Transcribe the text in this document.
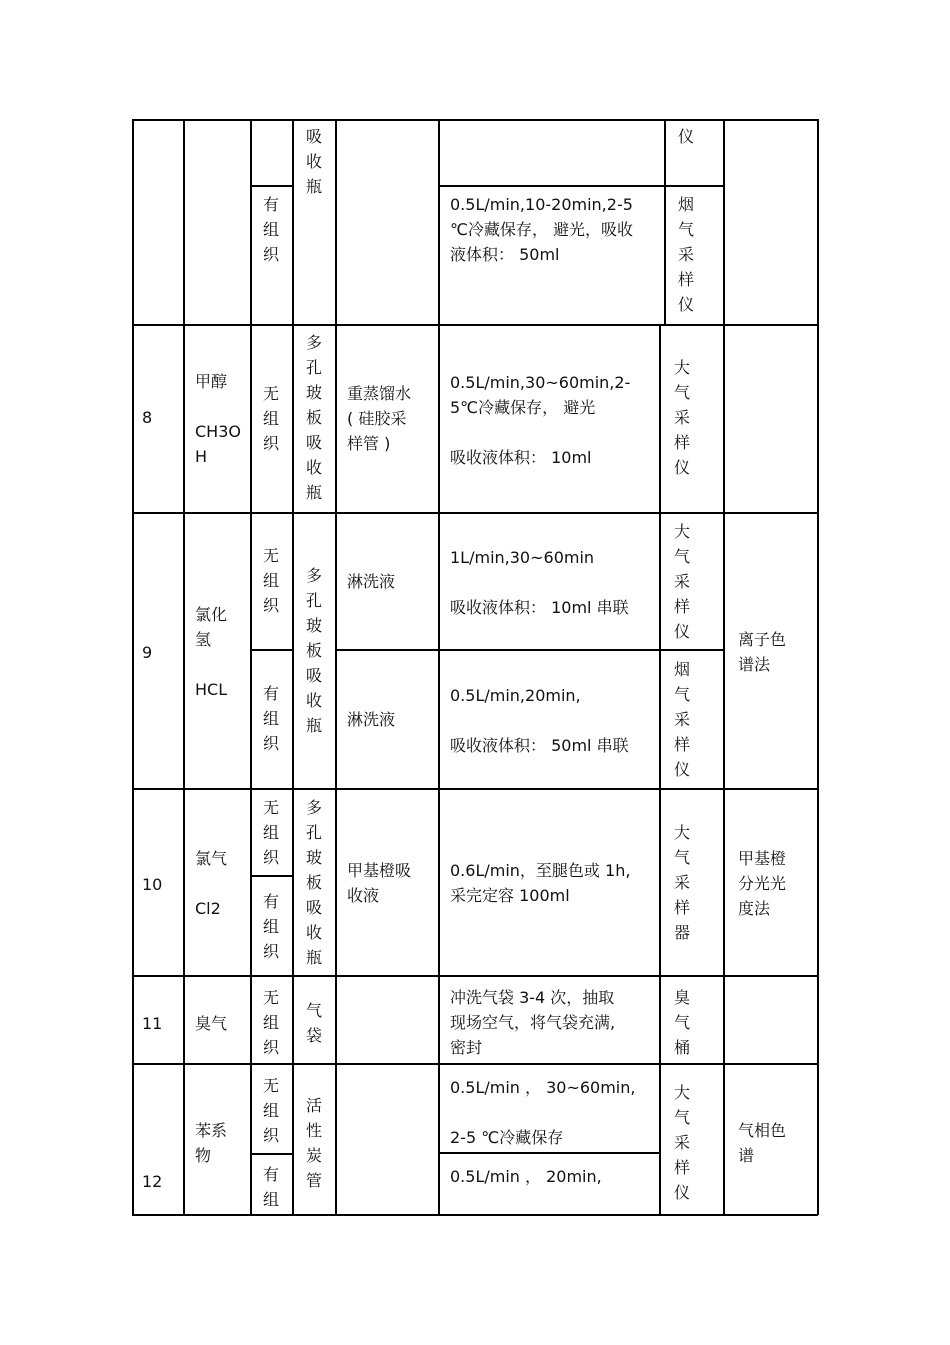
吸
收
瓶
仪
有
组
织
0.5L/min,10-20min,2-5
℃冷藏保存， 避光，吸收
液体积： 50ml
烟
气
采
样
仪
8
甲醇

CH3O
H
无
组
织
多
孔
玻
板
吸
收
瓶
重蒸馏水
( 硅胶采
样管 )
0.5L/min,30~60min,2-
5℃冷藏保存， 避光

吸收液体积： 10ml
大
气
采
样
仪
9
氯化
氢

HCL
多
孔
玻
板
吸
收
瓶
离子色
谱法
无
组
织
淋洗液
1L/min,30~60min

吸收液体积： 10ml 串联
大
气
采
样
仪
有
组
织
淋洗液
0.5L/min,20min,

吸收液体积： 50ml 串联
烟
气
采
样
仪
10
氯气

Cl2
无
组
织
有
组
织
多
孔
玻
板
吸
收
瓶
甲基橙吸
收液
0.6L/min，至腿色或 1h,
采完定容 100ml
大
气
采
样
器
甲基橙
分光光
度法
11 臭气
无
组
织
气
袋
冲洗气袋 3-4 次，抽取
现场空气，将气袋充满,
密封
臭
气
桶
12
苯系
物
无
组
织
有
组
活
性
炭
管
0.5L/min ， 30~60min,

2-5 ℃冷藏保存
0.5L/min ， 20min,
大
气
采
样
仪
气相色
谱
